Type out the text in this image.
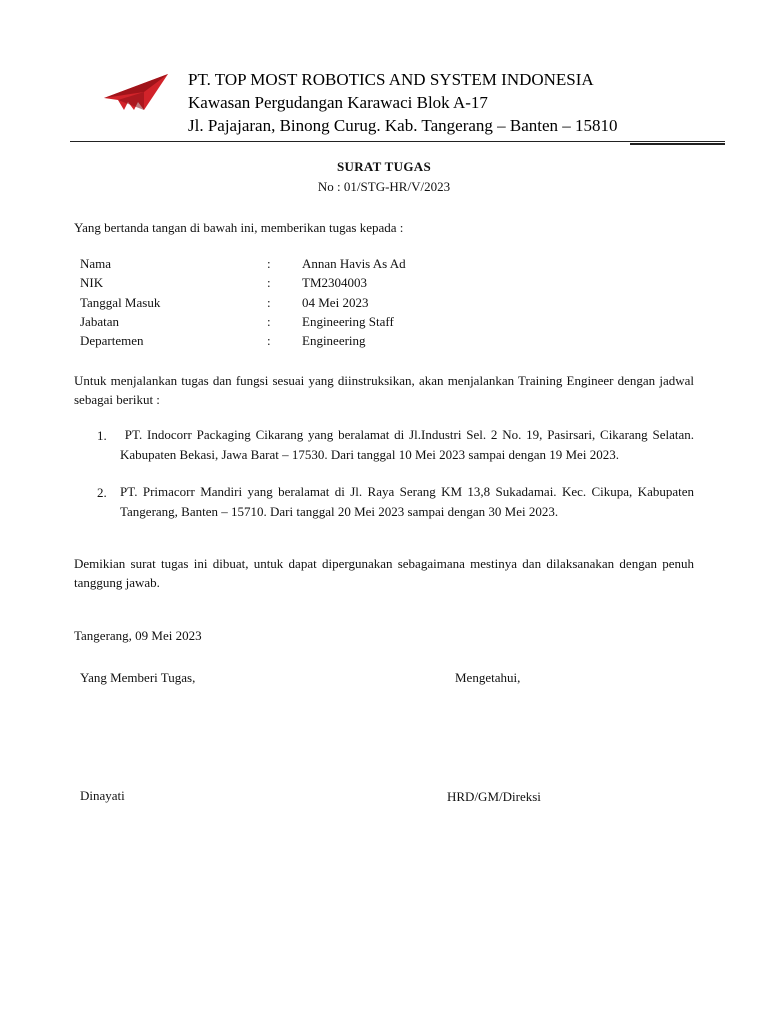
PT. TOP MOST ROBOTICS AND SYSTEM INDONESIA
Kawasan Pergudangan Karawaci Blok A-17
Jl. Pajajaran, Binong Curug. Kab. Tangerang – Banten – 15810
SURAT TUGAS
No : 01/STG-HR/V/2023
Yang bertanda tangan di bawah ini, memberikan tugas kepada :
Nama	: Annan Havis As Ad
NIK	: TM2304003
Tanggal Masuk	: 04 Mei 2023
Jabatan	: Engineering Staff
Departemen	: Engineering
Untuk menjalankan tugas dan fungsi sesuai yang diinstruksikan, akan menjalankan Training Engineer dengan jadwal sebagai berikut :
1. PT. Indocorr Packaging Cikarang yang beralamat di Jl.Industri Sel. 2 No. 19, Pasirsari, Cikarang Selatan. Kabupaten Bekasi, Jawa Barat – 17530. Dari tanggal 10 Mei 2023 sampai dengan 19 Mei 2023.
2. PT. Primacorr Mandiri yang beralamat di Jl. Raya Serang KM 13,8 Sukadamai. Kec. Cikupa, Kabupaten Tangerang, Banten – 15710. Dari tanggal 20 Mei 2023 sampai dengan 30 Mei 2023.
Demikian surat tugas ini dibuat, untuk dapat dipergunakan sebagaimana mestinya dan dilaksanakan dengan penuh tanggung jawab.
Tangerang, 09 Mei 2023
Yang Memberi Tugas,	Mengetahui,
Dinayati	HRD/GM/Direksi
